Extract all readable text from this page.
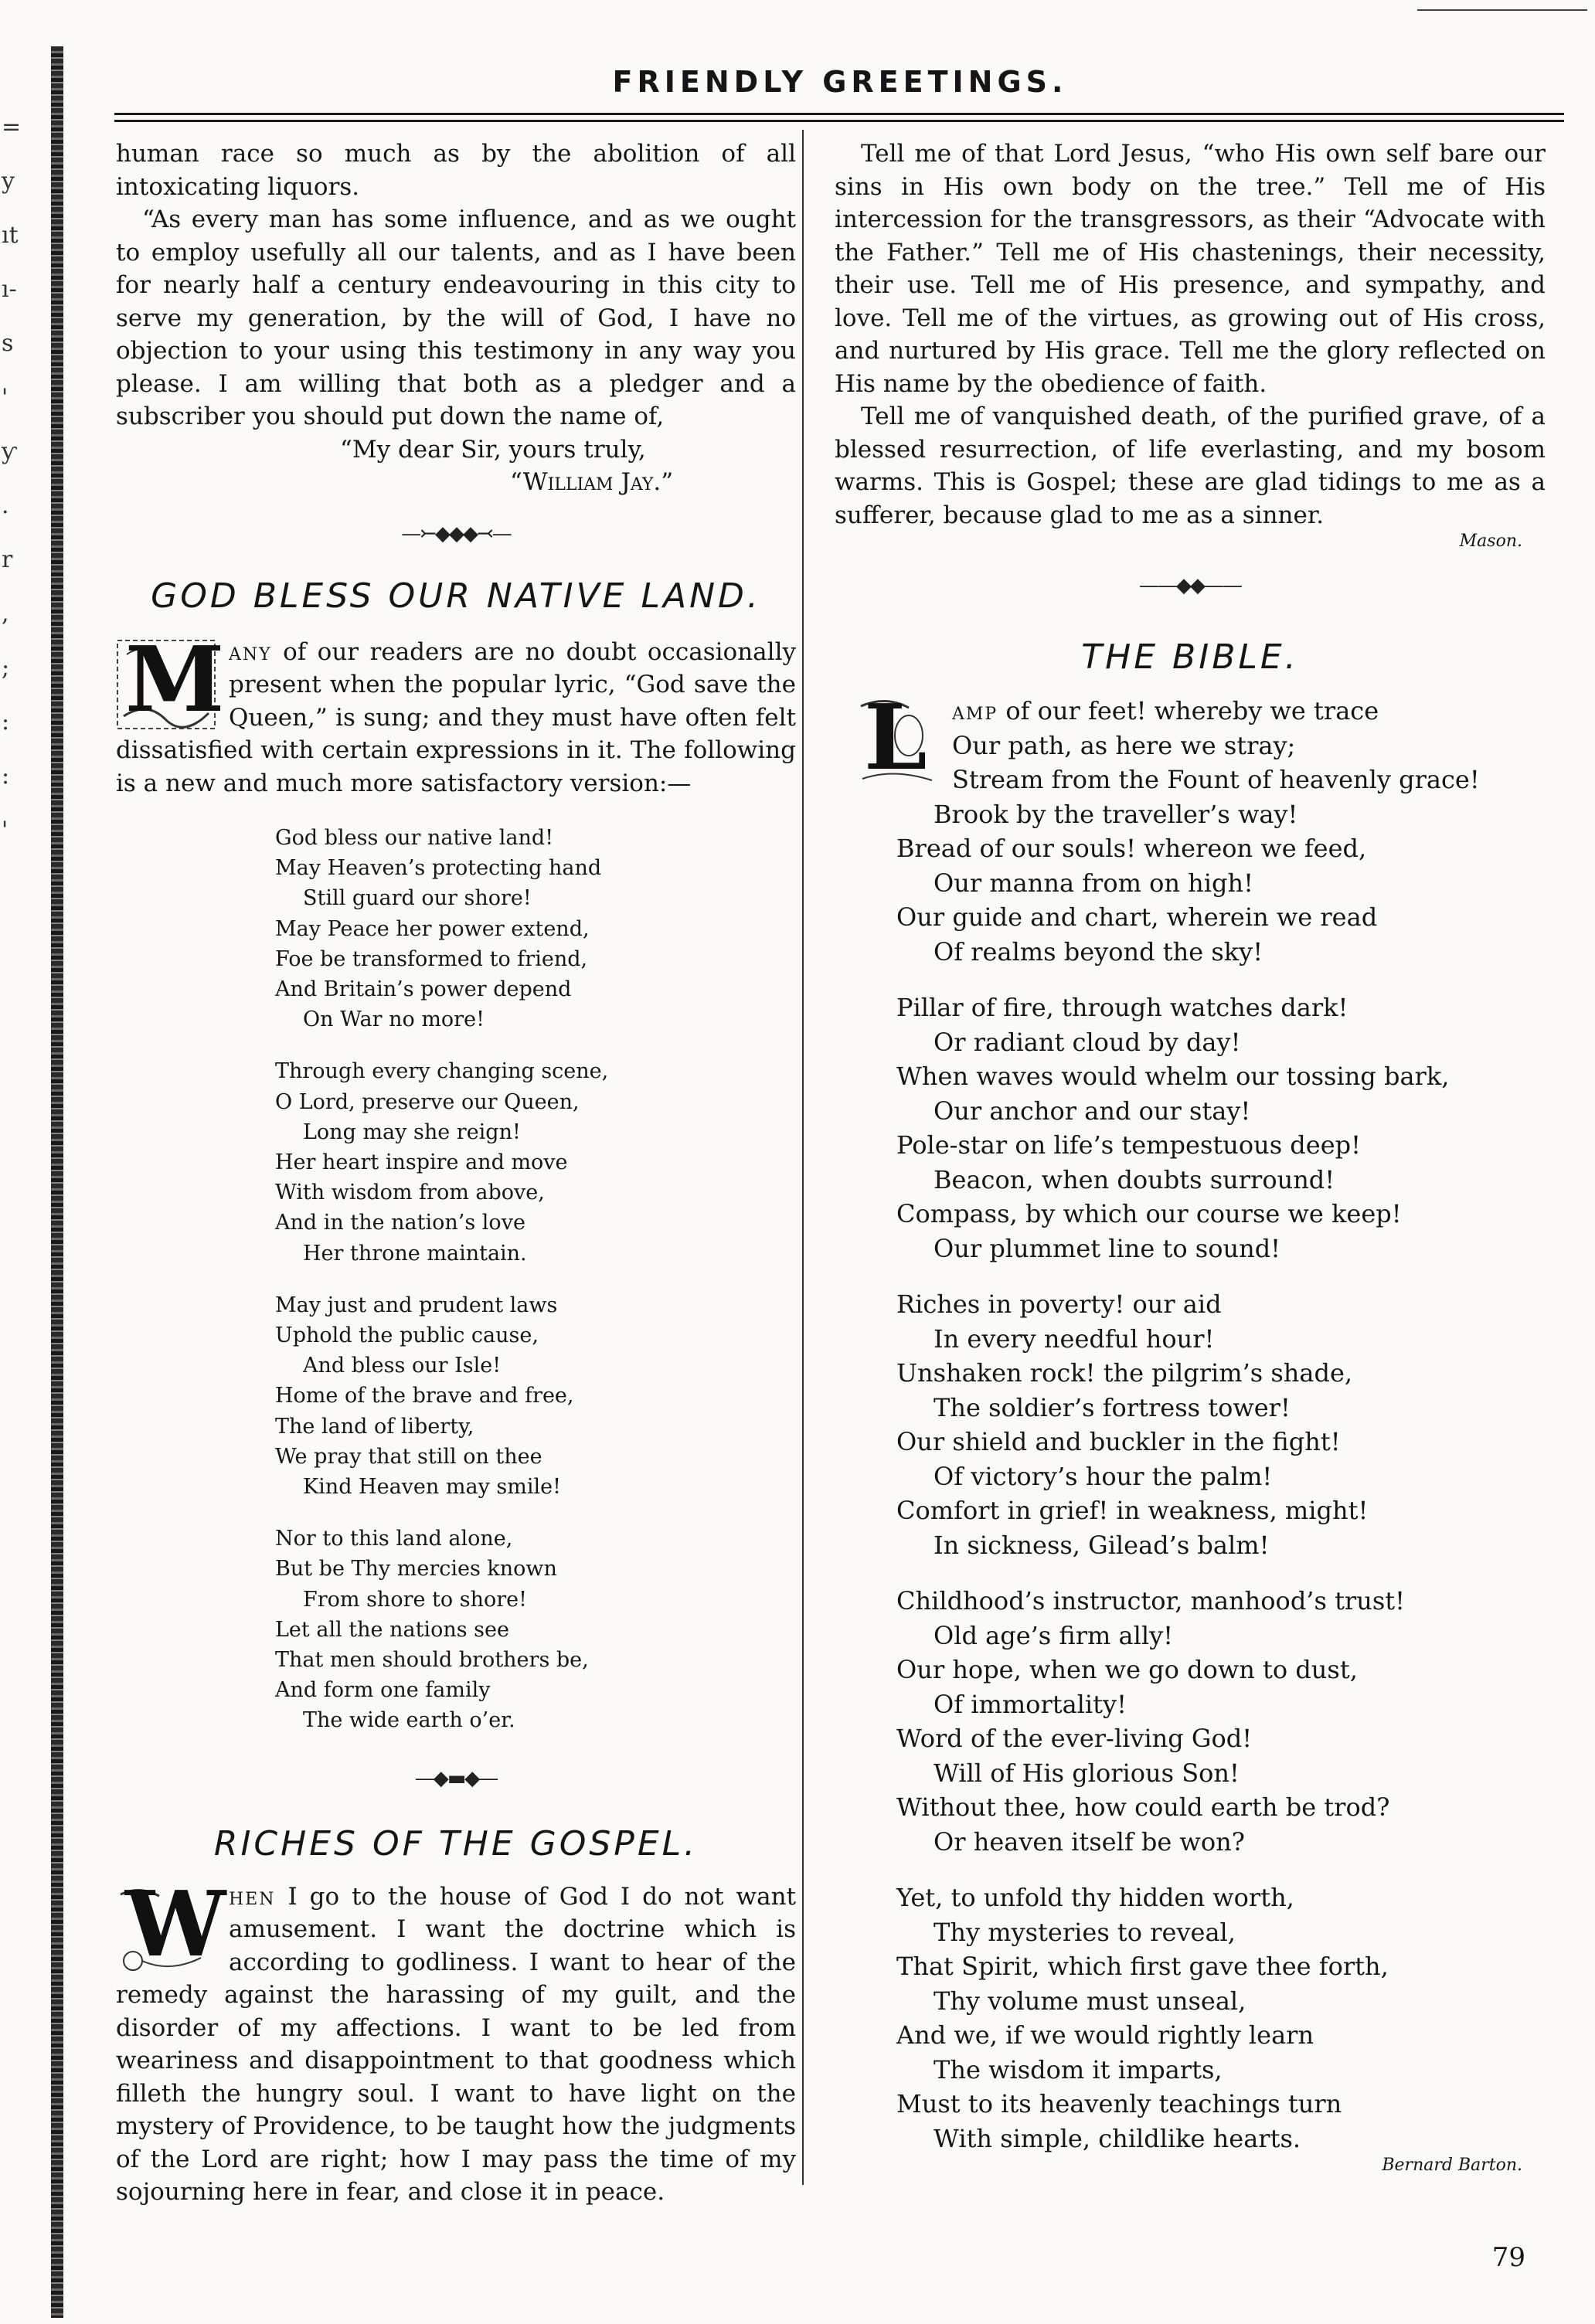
=
y
ıt
ı-
s
'
ƴ
.
r
,
;
:
:
'
FRIENDLY GREETINGS.

human race so much as by the abolition of all intoxicating liquors.

“As every man has some influence, and as we ought to employ usefully all our talents, and as I have been for nearly half a century endeavouring in this city to serve my generation, by the will of God, I have no objection to your using this testimony in any way you please. I am willing that both as a pledger and a subscriber you should put down the name of,

“My dear Sir, yours truly,

“William Jay.”

—⤚◆◆◆⤙—
GOD BLESS OUR NATIVE LAND.
M any of our readers are no doubt occasionally present when the popular lyric, “God save the Queen,” is sung; and they must have often felt dissatisfied with certain expressions in it. The following is a new and much more satisfactory version:—

God bless our native land!
May Heaven’s protecting hand
Still guard our shore!
May Peace her power extend,
Foe be transformed to friend,
And Britain’s power depend
On War no more!
Through every changing scene,
O Lord, preserve our Queen,
Long may she reign!
Her heart inspire and move
With wisdom from above,
And in the nation’s love
Her throne maintain.
May just and prudent laws
Uphold the public cause,
And bless our Isle!
Home of the brave and free,
The land of liberty,
We pray that still on thee
Kind Heaven may smile!
Nor to this land alone,
But be Thy mercies known
From shore to shore!
Let all the nations see
That men should brothers be,
And form one family
The wide earth o’er.
—◆▬◆—
RICHES OF THE GOSPEL.
W hen I go to the house of God I do not want amusement. I want the doctrine which is according to godliness. I want to hear of the remedy against the harassing of my guilt, and the disorder of my affections. I want to be led from weariness and disappointment to that goodness which filleth the hungry soul. I want to have light on the mystery of Providence, to be taught how the judgments of the Lord are right; how I may pass the time of my sojourning here in fear, and close it in peace.

Tell me of that Lord Jesus, “who His own self bare our sins in His own body on the tree.” Tell me of His intercession for the transgressors, as their “Advocate with the Father.” Tell me of His chastenings, their necessity, their use. Tell me of His presence, and sympathy, and love. Tell me of the virtues, as growing out of His cross, and nurtured by His grace. Tell me the glory reflected on His name by the obedience of faith.

Tell me of vanquished death, of the purified grave, of a blessed resurrection, of life everlasting, and my bosom warms. This is Gospel; these are glad tidings to me as a sufferer, because glad to me as a sinner.

Mason.

——◆◆——
THE BIBLE.
L	amp of our feet! whereby we trace
Our path, as here we stray;
Stream from the Fount of heavenly grace!
Brook by the traveller’s way!
Bread of our souls! whereon we feed,
Our manna from on high!
Our guide and chart, wherein we read
Of realms beyond the sky!
Pillar of fire, through watches dark!
Or radiant cloud by day!
When waves would whelm our tossing bark,
Our anchor and our stay!
Pole-star on life’s tempestuous deep!
Beacon, when doubts surround!
Compass, by which our course we keep!
Our plummet line to sound!
Riches in poverty! our aid
In every needful hour!
Unshaken rock! the pilgrim’s shade,
The soldier’s fortress tower!
Our shield and buckler in the fight!
Of victory’s hour the palm!
Comfort in grief! in weakness, might!
In sickness, Gilead’s balm!
Childhood’s instructor, manhood’s trust!
Old age’s firm ally!
Our hope, when we go down to dust,
Of immortality!
Word of the ever-living God!
Will of His glorious Son!
Without thee, how could earth be trod?
Or heaven itself be won?
Yet, to unfold thy hidden worth,
Thy mysteries to reveal,
That Spirit, which first gave thee forth,
Thy volume must unseal,
And we, if we would rightly learn
The wisdom it imparts,
Must to its heavenly teachings turn
With simple, childlike hearts.

Bernard Barton.

79
